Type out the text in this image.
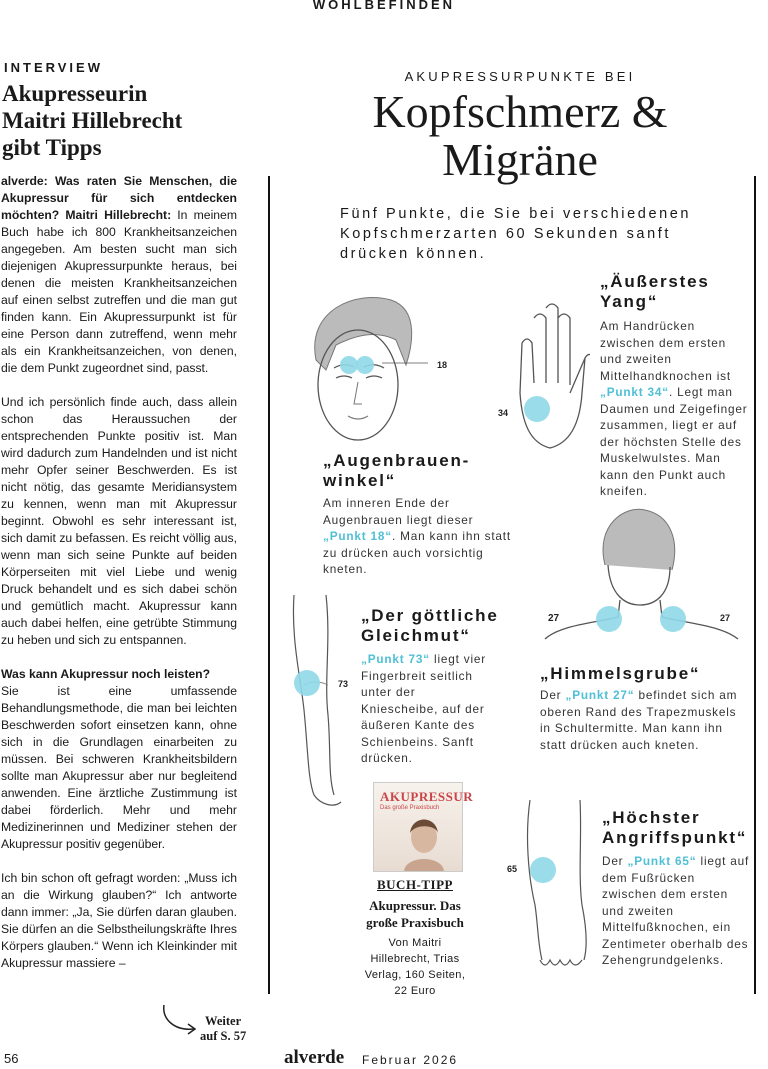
WOHLBEFINDEN
INTERVIEW
Akupresseurin
Maitri Hillebrecht
gibt Tipps

alverde: Was raten Sie Menschen, die Akupressur für sich entdecken möchten? Maitri Hillebrecht: In meinem Buch habe ich 800 Krankheitsanzeichen angegeben. Am besten sucht man sich diejenigen Akupressurpunkte heraus, bei denen die meisten Krankheitsanzeichen auf einen selbst zutreffen und die man gut finden kann. Ein Akupressurpunkt ist für eine Person dann zutreffend, wenn mehr als ein Krankheitsanzeichen, von denen, die dem Punkt zugeordnet sind, passt.

Und ich persönlich finde auch, dass allein schon das Heraussuchen der entsprechenden Punkte positiv ist. Man wird dadurch zum Handelnden und ist nicht mehr Opfer seiner Beschwerden. Es ist nicht nötig, das gesamte Meridiansystem zu kennen, wenn man mit Akupressur beginnt. Obwohl es sehr interessant ist, sich damit zu befassen. Es reicht völlig aus, wenn man sich seine Punkte auf beiden Körperseiten mit viel Liebe und wenig Druck behandelt und es sich dabei schön und gemütlich macht. Akupressur kann auch dabei helfen, eine getrübte Stimmung zu heben und sich zu entspannen.

Was kann Akupressur noch leisten?
Sie ist eine umfassende Behandlungsmethode, die man bei leichten Beschwerden sofort einsetzen kann, ohne sich in die Grundlagen einarbeiten zu müssen. Bei schweren Krankheitsbildern sollte man Akupressur aber nur begleitend anwenden. Eine ärztliche Zustimmung ist dabei förderlich. Mehr und mehr Medizinerinnen und Mediziner stehen der Akupressur positiv gegenüber.

Ich bin schon oft gefragt worden: „Muss ich an die Wirkung glauben?“ Ich antworte dann immer: „Ja, Sie dürfen daran glauben. Sie dürfen an die Selbstheilungskräfte Ihres Körpers glauben.“ Wenn ich Kleinkinder mit Akupressur massiere –

Weiter
auf S. 57
AKUPRESSURPUNKTE BEI
Kopfschmerz &
Migräne
Fünf Punkte, die Sie bei verschiedenen Kopfschmerzarten 60 Sekunden sanft drücken können.
18
34
„Äußerstes
Yang“
Am Handrücken zwischen dem ersten und zweiten Mittelhandknochen ist „Punkt 34“. Legt man Daumen und Zeigefinger zusammen, liegt er auf der höchsten Stelle des Muskelwulstes. Man kann den Punkt auch kneifen.
„Augenbrauen-
winkel“
Am inneren Ende der Augenbrauen liegt dieser „Punkt 18“. Man kann ihn statt zu drücken auch vorsichtig kneten.
27	27
73
„Der göttliche
Gleichmut“
„Punkt 73“ liegt vier Fingerbreit seitlich unter der Kniescheibe, auf der äußeren Kante des Schienbeins. Sanft drücken.
„Himmelsgrube“
Der „Punkt 27“ befindet sich am oberen Rand des Trapezmuskels in Schultermitte. Man kann ihn statt drücken auch kneten.
AKUPRESSUR
Das große Praxisbuch
BUCH-TIPP
Akupressur. Das
große Praxisbuch
Von Maitri
Hillebrecht, Trias
Verlag, 160 Seiten,
22 Euro
65
„Höchster
Angriffspunkt“
Der „Punkt 65“ liegt auf dem Fußrücken zwischen dem ersten und zweiten Mittelfußknochen, ein Zentimeter oberhalb des Zehengrundgelenks.
56	alverde Februar 2026
